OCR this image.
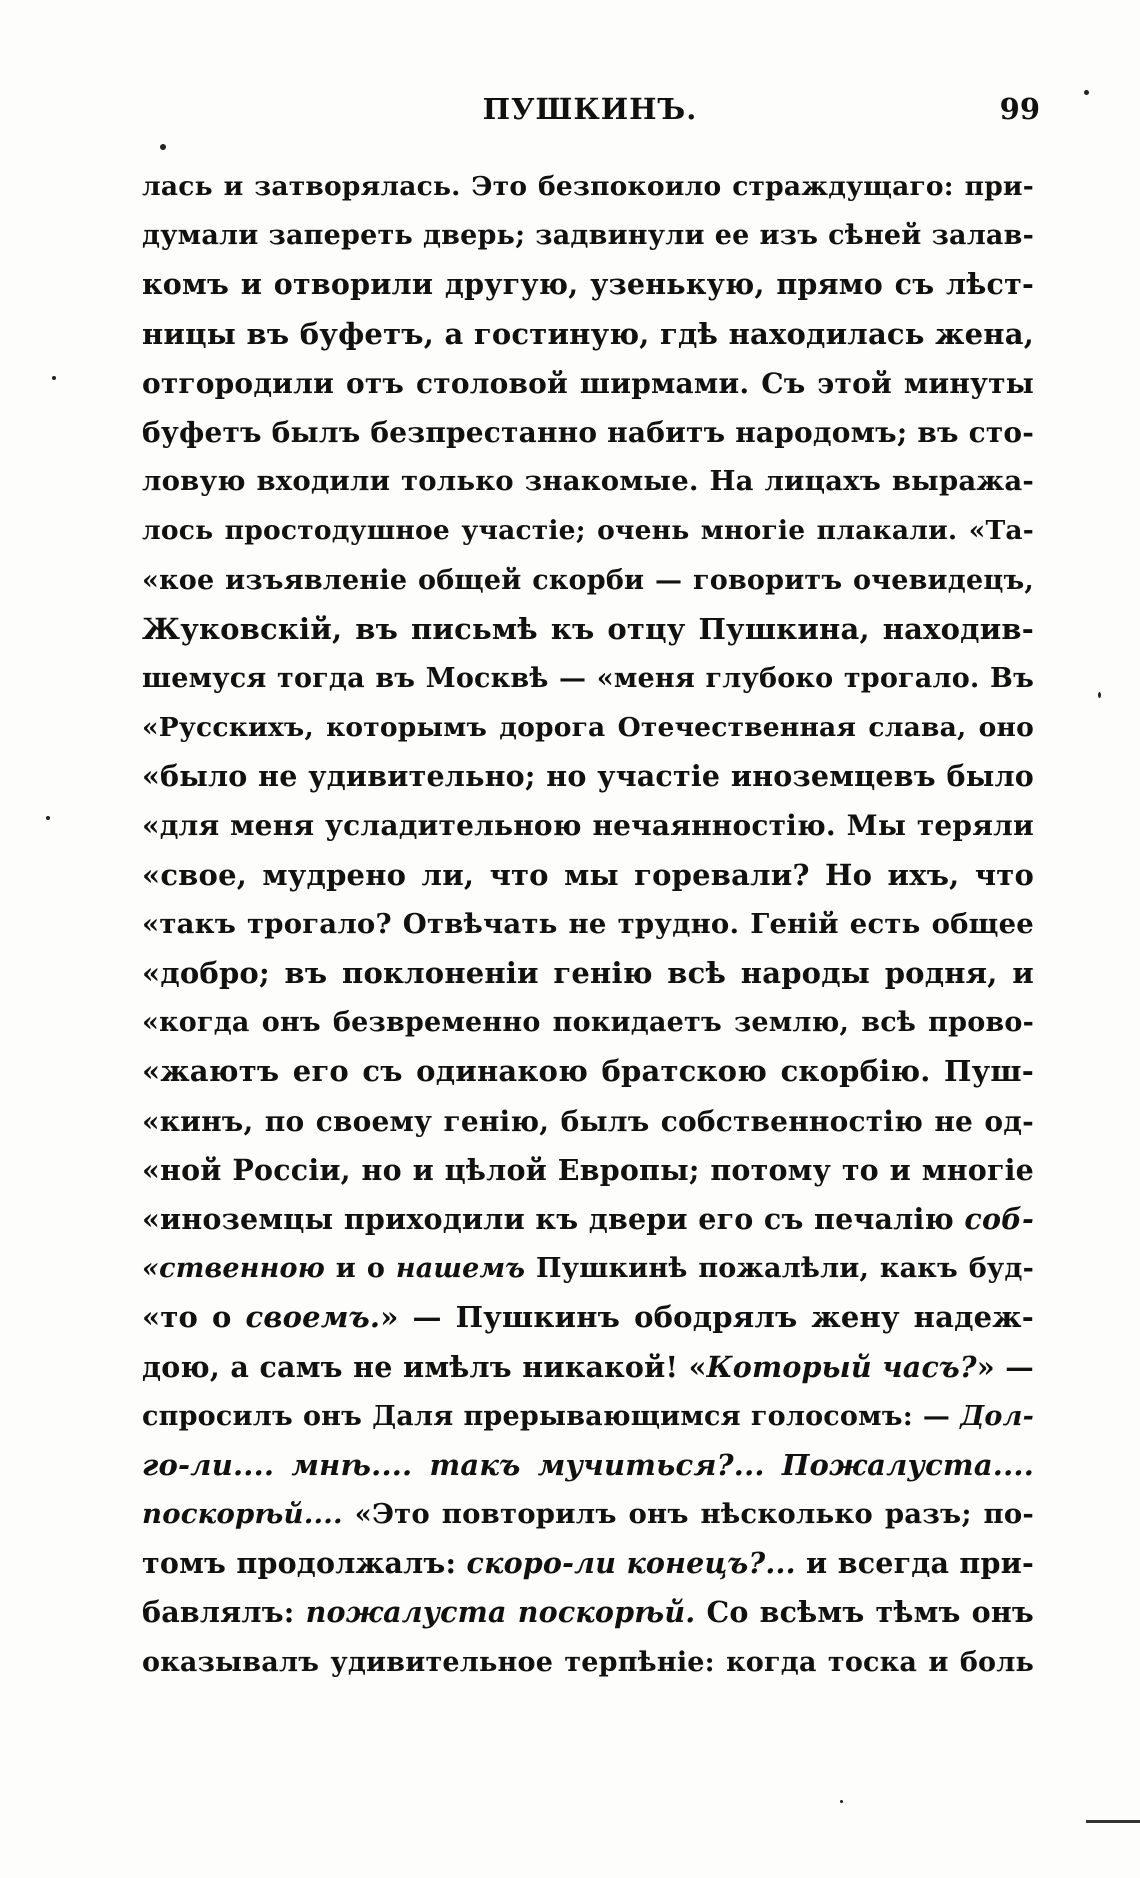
ПУШКИНЪ.	99
лась и затворялась. Это безпокоило страждущаго: при-
думали запереть дверь; задвинули ее изъ сѣней залав-
комъ и отворили другую, узенькую, прямо съ лѣст-
ницы въ буфетъ, а гостиную, гдѣ находилась жена,
отгородили отъ столовой ширмами. Съ этой минуты
буфетъ былъ безпрестанно набитъ народомъ; въ сто-
ловую входили только знакомые. На лицахъ выража-
лось простодушное участіе; очень многіе плакали. «Та-
«кое изъявленіе общей скорби — говоритъ очевидецъ,
Жуковскій, въ письмѣ къ отцу Пушкина, находив-
шемуся тогда въ Москвѣ — «меня глубоко трогало. Въ
«Русскихъ, которымъ дорога Отечественная слава, оно
«было не удивительно; но участіе иноземцевъ было
«для меня усладительною нечаянностію. Мы теряли
«свое, мудрено ли, что мы горевали? Но ихъ, что
«такъ трогало? Отвѣчать не трудно. Геній есть общее
«добро; въ поклоненіи генію всѣ народы родня, и
«когда онъ безвременно покидаетъ землю, всѣ прово-
«жаютъ его съ одинакою братскою скорбію. Пуш-
«кинъ, по своему генію, былъ собственностію не од-
«ной Россіи, но и цѣлой Европы; потому то и многіе
«иноземцы приходили къ двери его съ печалію соб-
«ственною и о нашемъ Пушкинѣ пожалѣли, какъ буд-
«то о своемъ.» — Пушкинъ ободрялъ жену надеж-
дою, а самъ не имѣлъ никакой! «Который часъ?» —
спросилъ онъ Даля прерывающимся голосомъ: — Дол-
го-ли.... мнѣ.... такъ мучиться?... Пожалуста....
поскорѣй.... «Это повторилъ онъ нѣсколько разъ; по-
томъ продолжалъ: скоро-ли конецъ?... и всегда при-
бавлялъ: пожалуста поскорѣй. Со всѣмъ тѣмъ онъ
оказывалъ удивительное терпѣніе: когда тоска и боль
